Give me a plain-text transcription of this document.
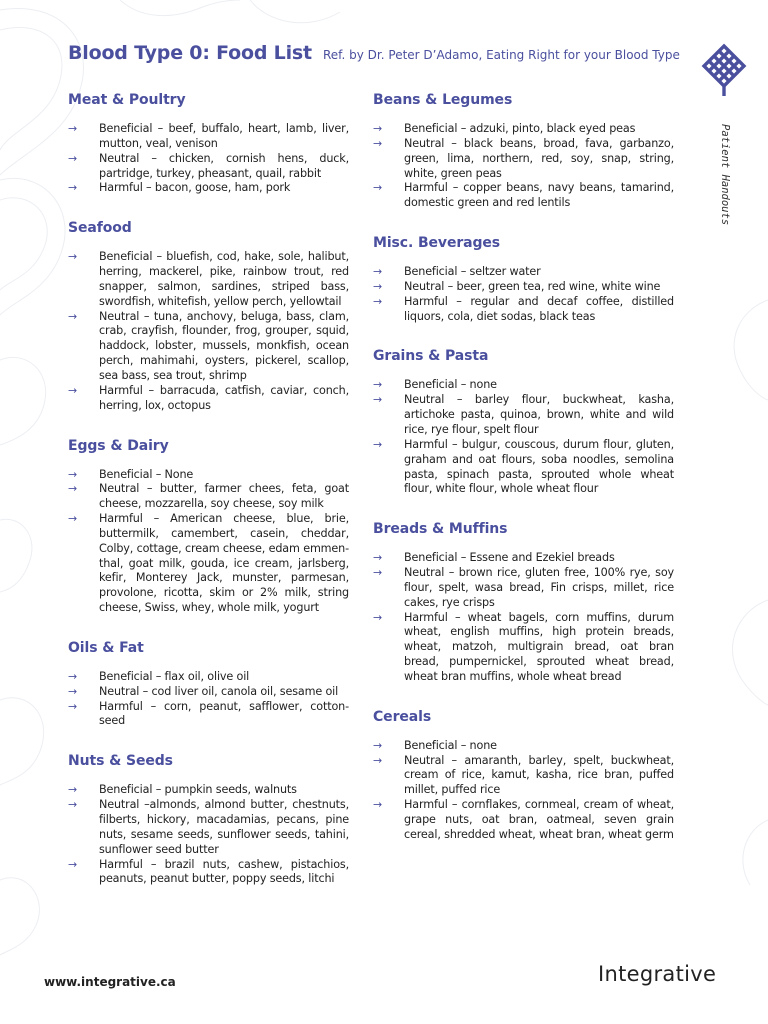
Blood Type 0: Food List Ref. by Dr. Peter D’Adamo, Eating Right for your Blood Type
Patient Handouts
Meat & Poultry
→ Beneficial – beef, buffalo, heart, lamb, liver, mutton, veal, venison
→ Neutral – chicken, cornish hens, duck, partridge, turkey, pheasant, quail, rabbit
→ Harmful – bacon, goose, ham, pork
Seafood
→ Beneficial – bluefish, cod, hake, sole, halibut, herring, mackerel, pike, rainbow trout, red snapper, salmon, sardines, striped bass, swordfish, whitefish, yellow perch, yellowtail
→ Neutral – tuna, anchovy, beluga, bass, clam, crab, crayfish, flounder, frog, grouper, squid, haddock, lobster, mussels, monkfish, ocean perch, mahimahi, oysters, pickerel, scallop, sea bass, sea trout, shrimp
→ Harmful – barracuda, catfish, caviar, conch, herring, lox, octopus
Eggs & Dairy
→ Beneficial – None
→ Neutral – butter, farmer chees, feta, goat cheese, mozzarella, soy cheese, soy milk
→ Harmful – American cheese, blue, brie, buttermilk, camembert, casein, cheddar, Colby, cottage, cream cheese, edam emmen-thal, goat milk, gouda, ice cream, jarlsberg, kefir, Monterey Jack, munster, parmesan, provolone, ricotta, skim or 2% milk, string cheese, Swiss, whey, whole milk, yogurt
Oils & Fat
→ Beneficial – flax oil, olive oil
→ Neutral – cod liver oil, canola oil, sesame oil
→ Harmful – corn, peanut, safflower, cotton-seed
Nuts & Seeds
→ Beneficial – pumpkin seeds, walnuts
→ Neutral –almonds, almond butter, chestnuts, filberts, hickory, macadamias, pecans, pine nuts, sesame seeds, sunflower seeds, tahini, sunflower seed butter
→ Harmful – brazil nuts, cashew, pistachios, peanuts, peanut butter, poppy seeds, litchi
Beans & Legumes
→ Beneficial – adzuki, pinto, black eyed peas
→ Neutral – black beans, broad, fava, garbanzo, green, lima, northern, red, soy, snap, string, white, green peas
→ Harmful – copper beans, navy beans, tamarind, domestic green and red lentils
Misc. Beverages
→ Beneficial – seltzer water
→ Neutral – beer, green tea, red wine, white wine
→ Harmful – regular and decaf coffee, distilled liquors, cola, diet sodas, black teas
Grains & Pasta
→ Beneficial – none
→ Neutral – barley flour, buckwheat, kasha, artichoke pasta, quinoa, brown, white and wild rice, rye flour, spelt flour
→ Harmful – bulgur, couscous, durum flour, gluten, graham and oat flours, soba noodles, semolina pasta, spinach pasta, sprouted whole wheat flour, white flour, whole wheat flour
Breads & Muffins
→ Beneficial – Essene and Ezekiel breads
→ Neutral – brown rice, gluten free, 100% rye, soy flour, spelt, wasa bread, Fin crisps, millet, rice cakes, rye crisps
→ Harmful – wheat bagels, corn muffins, durum wheat, english muffins, high protein breads, wheat, matzoh, multigrain bread, oat bran bread, pumpernickel, sprouted wheat bread, wheat bran muffins, whole wheat bread
Cereals
→ Beneficial – none
→ Neutral – amaranth, barley, spelt, buckwheat, cream of rice, kamut, kasha, rice bran, puffed millet, puffed rice
→ Harmful – cornflakes, cornmeal, cream of wheat, grape nuts, oat bran, oatmeal, seven grain cereal, shredded wheat, wheat bran, wheat germ
www.integrative.ca	Integrative
